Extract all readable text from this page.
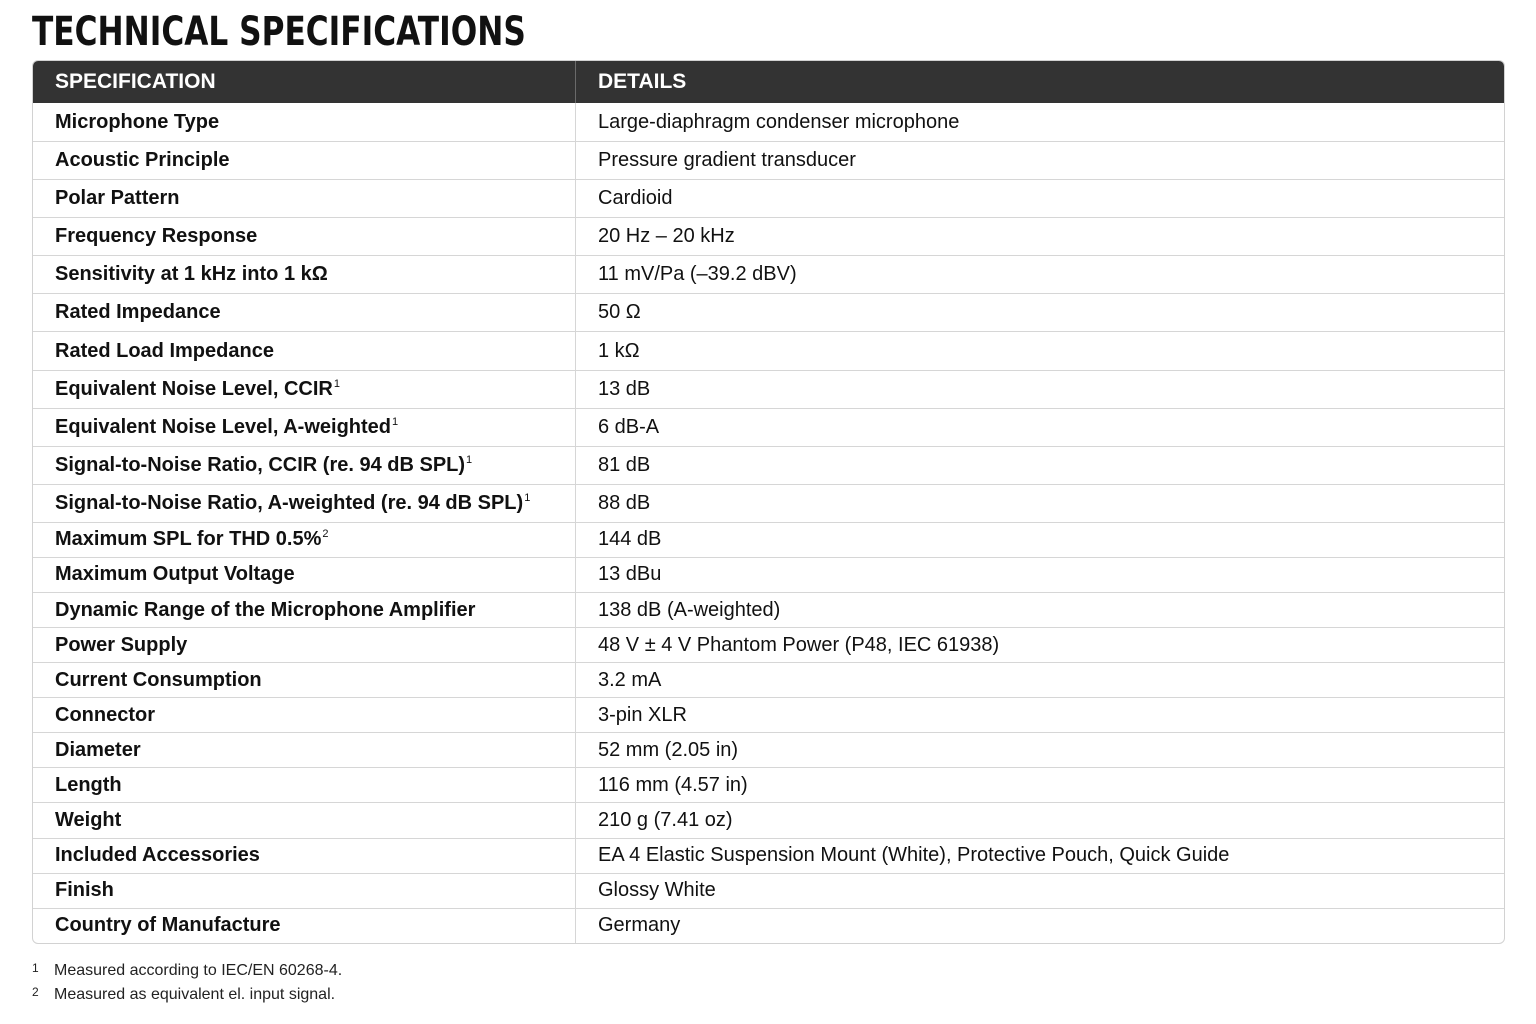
TECHNICAL SPECIFICATIONS
SPECIFICATION	DETAILS
Microphone Type	Large-diaphragm condenser microphone
Acoustic Principle	Pressure gradient transducer
Polar Pattern	Cardioid
Frequency Response	20 Hz – 20 kHz
Sensitivity at 1 kHz into 1 kΩ	11 mV/Pa (–39.2 dBV)
Rated Impedance	50 Ω
Rated Load Impedance	1 kΩ
Equivalent Noise Level, CCIR$^1$	13 dB
Equivalent Noise Level, A-weighted$^1$	6 dB-A
Signal-to-Noise Ratio, CCIR (re. 94 dB SPL)$^1$	81 dB
Signal-to-Noise Ratio, A-weighted (re. 94 dB SPL)$^1$	88 dB
Maximum SPL for THD 0.5%$^2$	144 dB
Maximum Output Voltage	13 dBu
Dynamic Range of the Microphone Amplifier	138 dB (A-weighted)
Power Supply	48 V ± 4 V Phantom Power (P48, IEC 61938)
Current Consumption	3.2 mA
Connector	3-pin XLR
Diameter	52 mm (2.05 in)
Length	116 mm (4.57 in)
Weight	210 g (7.41 oz)
Included Accessories	EA 4 Elastic Suspension Mount (White), Protective Pouch, Quick Guide
Finish	Glossy White
Country of Manufacture	Germany
1 Measured according to IEC/EN 60268-4.
2 Measured as equivalent el. input signal.
